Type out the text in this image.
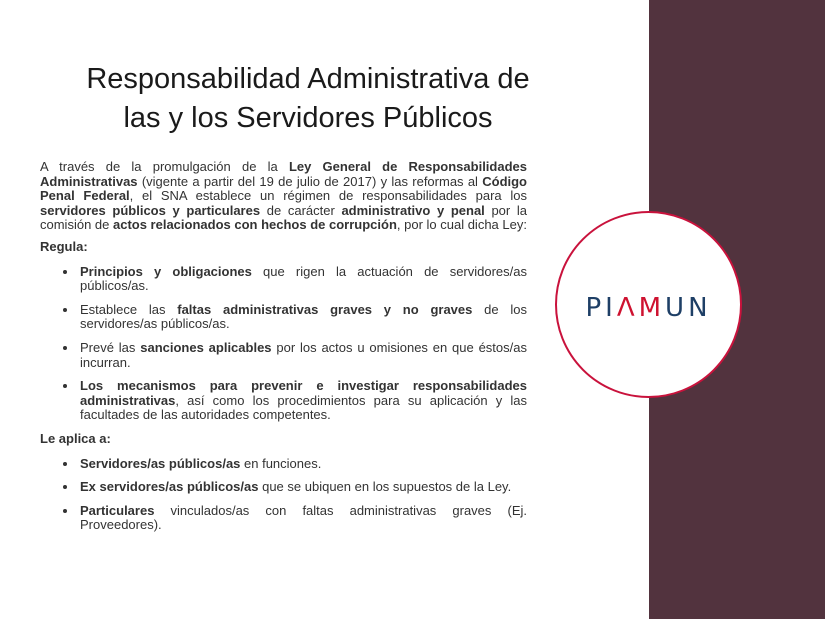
PIΛMUN
Responsabilidad Administrativa de
las y los Servidores Públicos

A través de la promulgación de la Ley General de Responsabilidades Administrativas (vigente a partir del 19 de julio de 2017) y las reformas al Código Penal Federal, el SNA establece un régimen de responsabilidades para los servidores públicos y particulares de carácter administrativo y penal por la comisión de actos relacionados con hechos de corrupción, por lo cual dicha Ley:

Regula:
Principios y obligaciones que rigen la actuación de servidores/as públicos/as.
Establece las faltas administrativas graves y no graves de los servidores/as públicos/as.
Prevé las sanciones aplicables por los actos u omisiones en que éstos/as incurran.
Los mecanismos para prevenir e investigar responsabilidades administrativas, así como los procedimientos para su aplicación y las facultades de las autoridades competentes.
Le aplica a:
Servidores/as públicos/as en funciones.
Ex servidores/as públicos/as que se ubiquen en los supuestos de la Ley.
Particulares vinculados/as con faltas administrativas graves (Ej. Proveedores).
